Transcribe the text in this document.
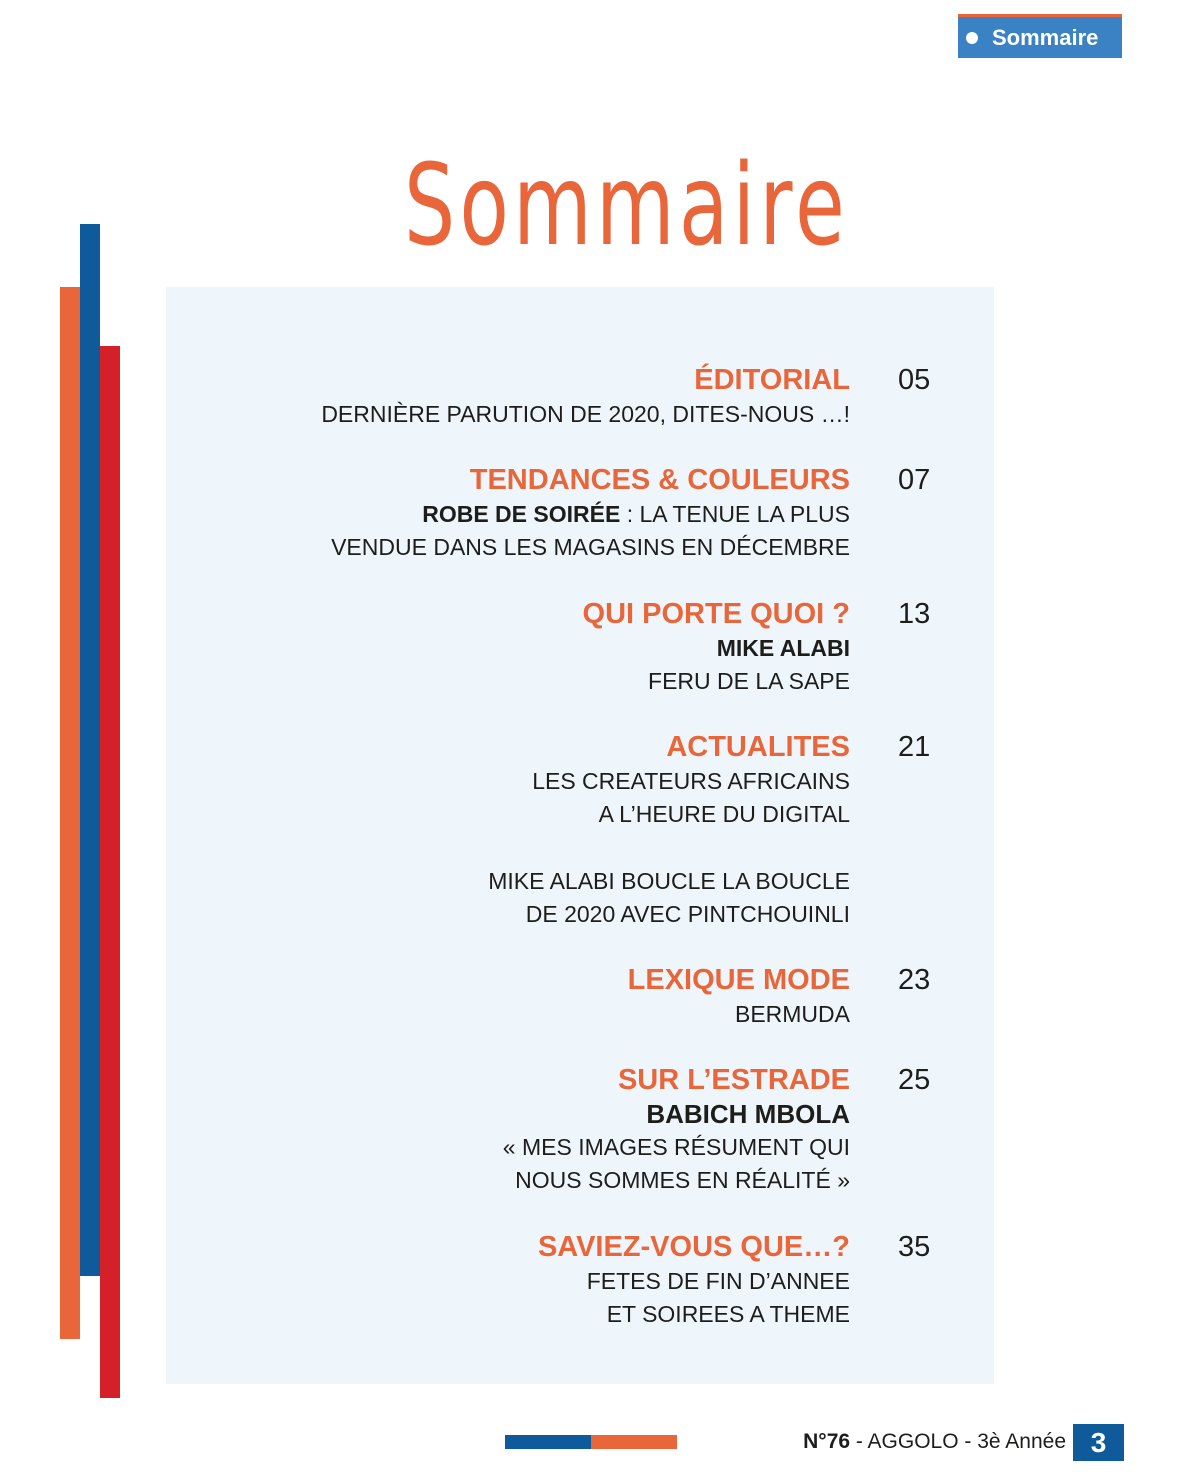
Sommaire
Sommaire
ÉDITORIAL
DERNIÈRE PARUTION DE 2020, DITES-NOUS …!
05
TENDANCES & COULEURS
ROBE DE SOIRÉE : LA TENUE LA PLUS
VENDUE DANS LES MAGASINS EN DÉCEMBRE
07
QUI PORTE QUOI ?
MIKE ALABI
FERU DE LA SAPE
13
ACTUALITES
LES CREATEURS AFRICAINS
A L’HEURE DU DIGITAL
MIKE ALABI BOUCLE LA BOUCLE
DE 2020 AVEC PINTCHOUINLI
21
LEXIQUE MODE
BERMUDA
23
SUR L’ESTRADE
BABICH MBOLA
« MES IMAGES RÉSUMENT QUI
NOUS SOMMES EN RÉALITÉ »
25
SAVIEZ-VOUS QUE…?
FETES DE FIN D’ANNEE
ET SOIREES A THEME
35
N°76 - AGGOLO - 3è Année 3
